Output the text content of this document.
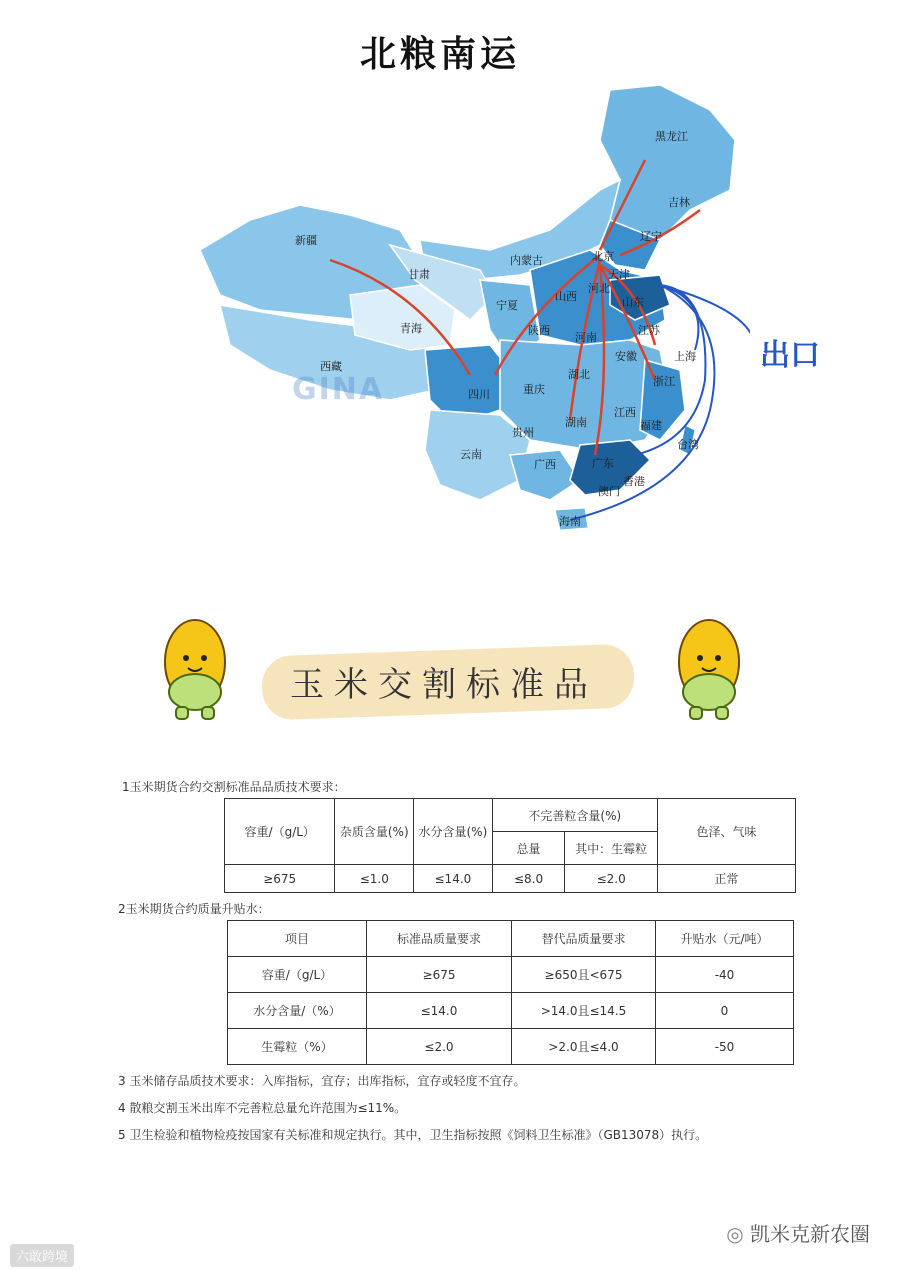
北粮南运
黑龙江
吉林
辽宁
新疆
内蒙古	北京
天津
甘肃
河北
山西	山东
宁夏
青海	陕西
河南
江苏
安徽	上海
西藏
四川
湖北
浙江
重庆
江西
贵州
湖南	福建
台湾
云南
广西	广东
香港
澳门
海南
GINA
出口
玉米交割标准品
1玉米期货合约交割标准品品质技术要求：
容重/（g/L）	杂质含量(%)	水分含量(%)	不完善粒含量(%)		色泽、气味
			总量	其中：生霉粒	
≥675	≤1.0	≤14.0	≤8.0	≤2.0	正常
2玉米期货合约质量升贴水：
项目	标准品质量要求	替代品质量要求	升贴水（元/吨）
容重/（g/L）	≥675	≥650且<675	-40
水分含量/（%）	≤14.0	>14.0且≤14.5	0
生霉粒（%）	≤2.0	>2.0且≤4.0	-50
3 玉米储存品质技术要求：入库指标，宜存；出库指标，宜存或轻度不宜存。
4 散粮交割玉米出库不完善粒总量允许范围为≤11%。
5 卫生检验和植物检疫按国家有关标准和规定执行。其中，卫生指标按照《饲料卫生标准》（GB13078）执行。
◎ 凯米克新农圈
六敢跨境
